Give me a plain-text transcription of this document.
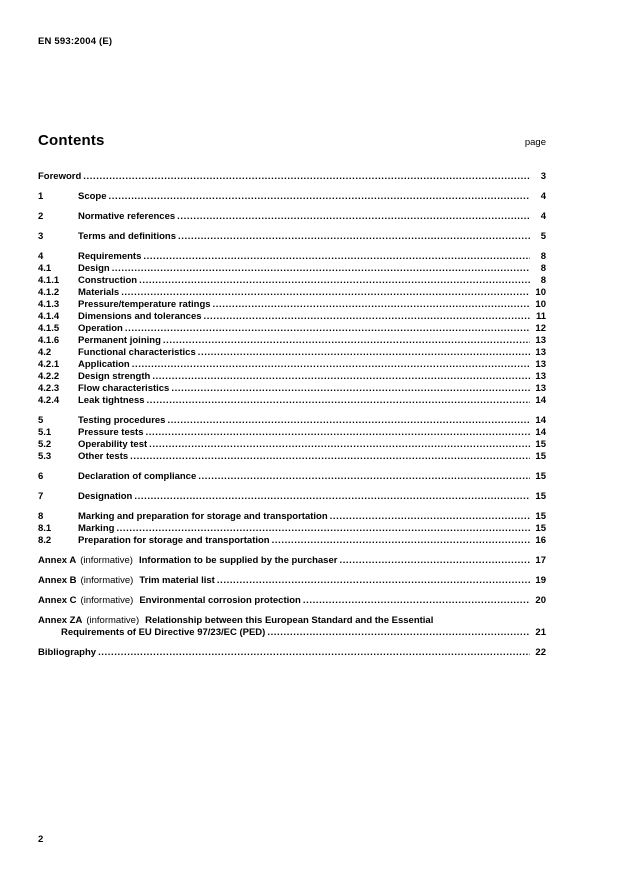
EN 593:2004 (E)
Contents	page
Foreword .....	3
1	Scope .....	4
2	Normative references .....	4
3	Terms and definitions .....	5
4	Requirements .....	8
4.1	Design .....	8
4.1.1	Construction .....	8
4.1.2	Materials .....	10
4.1.3	Pressure/temperature ratings .....	10
4.1.4	Dimensions and tolerances .....	11
4.1.5	Operation .....	12
4.1.6	Permanent joining .....	13
4.2	Functional characteristics .....	13
4.2.1	Application .....	13
4.2.2	Design strength .....	13
4.2.3	Flow characteristics .....	13
4.2.4	Leak tightness .....	14
5	Testing procedures .....	14
5.1	Pressure tests .....	14
5.2	Operability test .....	15
5.3	Other tests .....	15
6	Declaration of compliance .....	15
7	Designation .....	15
8	Marking and preparation for storage and transportation .....	15
8.1	Marking .....	15
8.2	Preparation for storage and transportation .....	16
Annex A (informative) Information to be supplied by the purchaser .....	17
Annex B (informative) Trim material list .....	19
Annex C (informative) Environmental corrosion protection .....	20
Annex ZA (informative) Relationship between this European Standard and the Essential
Requirements of EU Directive 97/23/EC (PED) .....	21
Bibliography .....	22
2
